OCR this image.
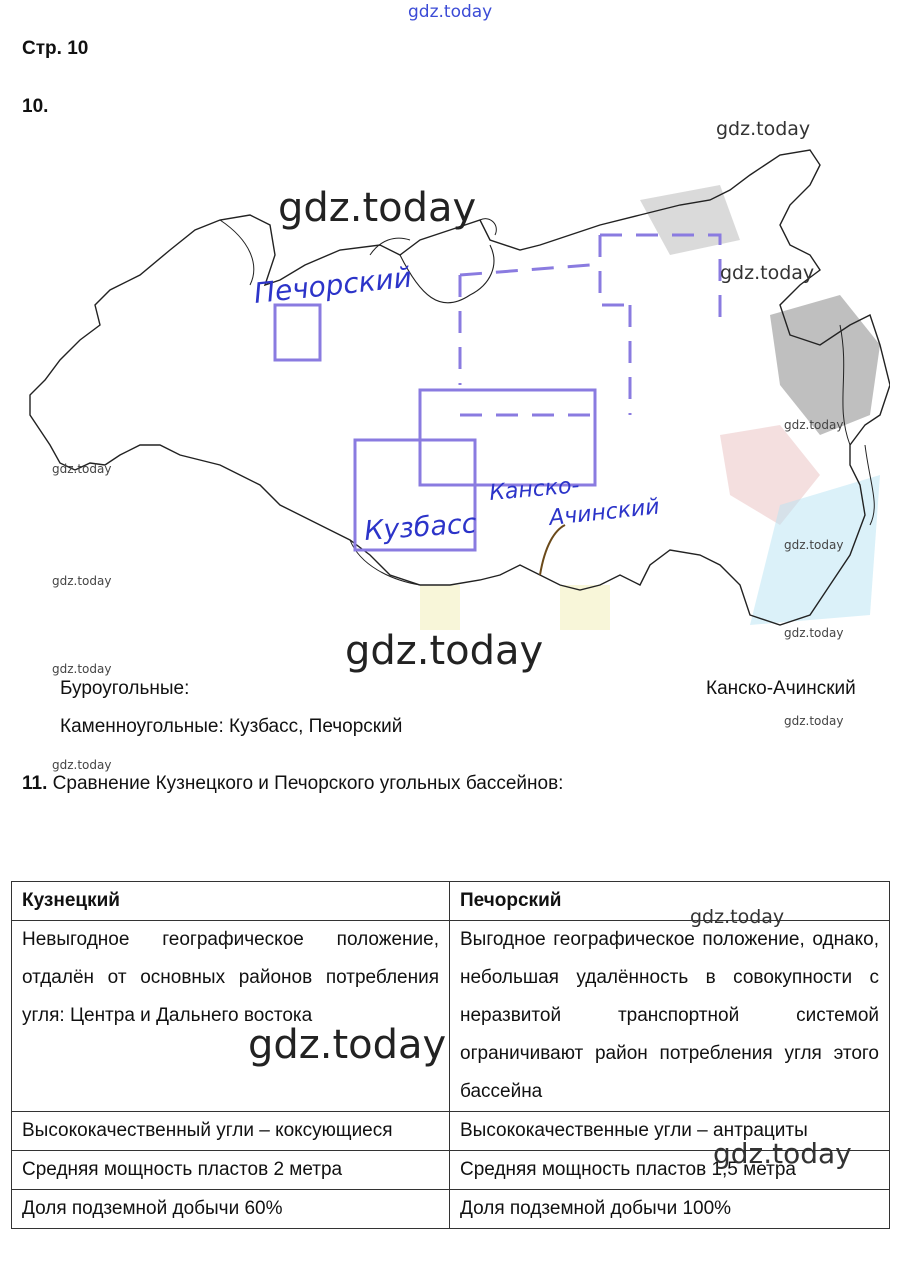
gdz.today
Стр. 10
10.
Печорский
Кузбасс
Канско-
Ачинский
gdz.today
gdz.today
gdz.today
gdz.today
gdz.today
gdz.today
gdz.today
gdz.today
gdz.today
gdz.today
gdz.today
gdz.today
Буроугольные:	Канско-Ачинский
Каменноугольные: Кузбасс, Печорский
11. Сравнение Кузнецкого и Печорского угольных бассейнов:
Кузнецкий	Печорский
Невыгодное географическое положение, отдалён от основных районов потребления угля: Центра и Дальнего востока	Выгодное географическое положение, однако, небольшая удалённость в совокупности с неразвитой транспортной системой ограничивают район потребления угля этого бассейна
Высококачественный угли – коксующиеся	Высококачественные угли – антрациты
Средняя мощность пластов 2 метра	Средняя мощность пластов 1,5 метра
Доля подземной добычи 60%	Доля подземной добычи 100%
gdz.today
gdz.today
gdz.today
